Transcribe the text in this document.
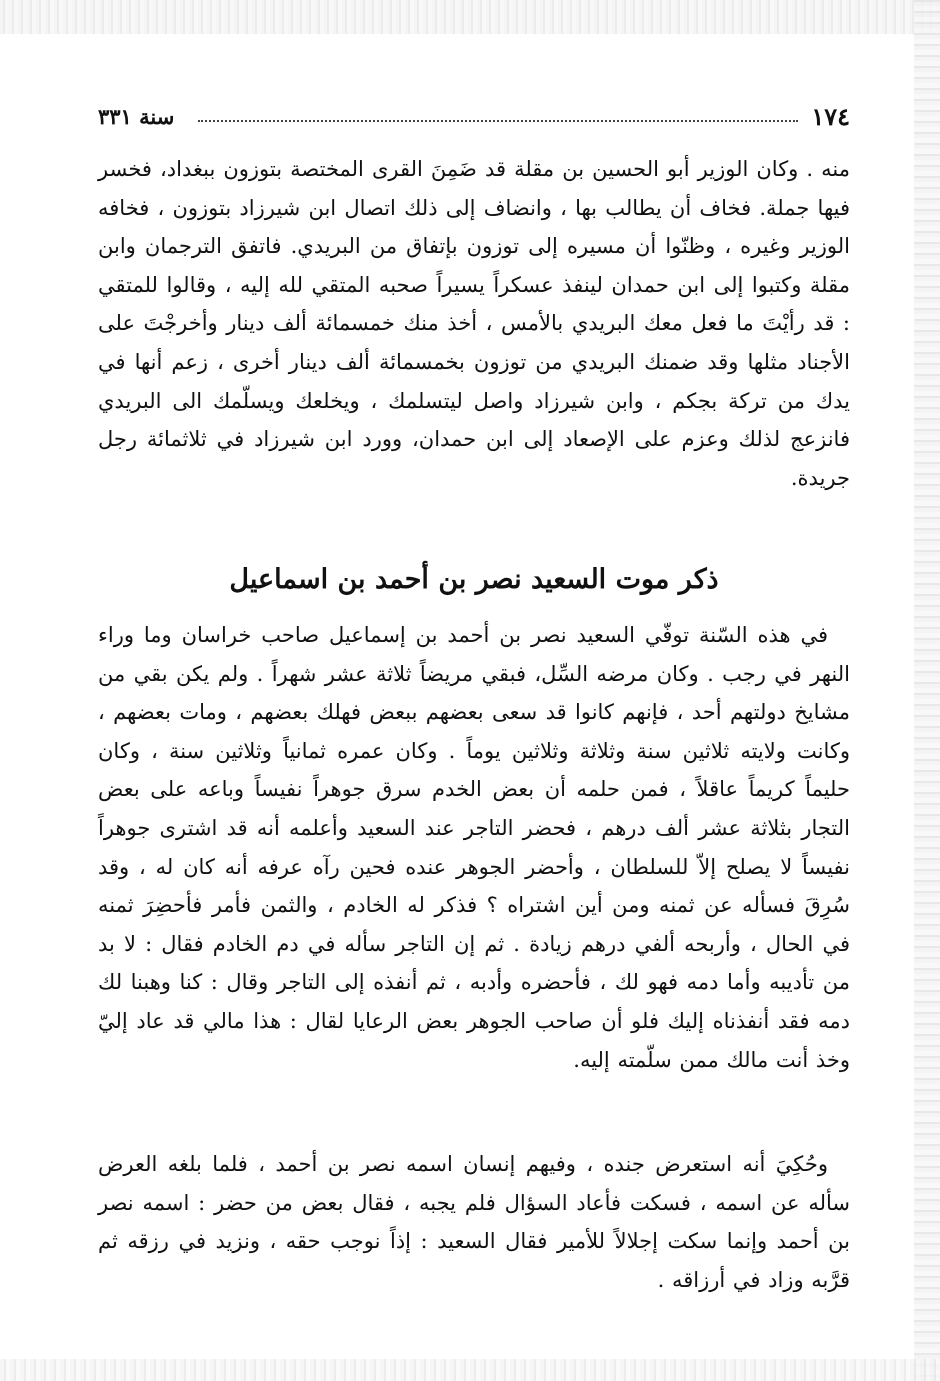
١٧٤
سنة ٣٣١

منه . وكان الوزير أبو الحسين بن مقلة قد ضَمِنَ القرى المختصة بتوزون ببغداد، فخسر فيها جملة. فخاف أن يطالب بها ، وانضاف إلى ذلك اتصال ابن شيرزاد بتوزون ، فخافه الوزير وغيره ، وظنّوا أن مسيره إلى توزون بإتفاق من البريدي. فاتفق الترجمان وابن مقلة وكتبوا إلى ابن حمدان لينفذ عسكراً يسيراً صحبه المتقي لله إليه ، وقالوا للمتقي : قد رأيْتَ ما فعل معك البريدي بالأمس ، أخذ منك خمسمائة ألف دينار وأخرجْتَ على الأجناد مثلها وقد ضمنك البريدي من توزون بخمسمائة ألف دينار أخرى ، زعم أنها في يدك من تركة بجكم ، وابن شيرزاد واصل ليتسلمك ، ويخلعك ويسلّمك الى البريدي فانزعج لذلك وعزم على الإصعاد إلى ابن حمدان، وورد ابن شيرزاد في ثلاثمائة رجل جريدة.

ذكر موت السعيد نصر بن أحمد بن اسماعيل

في هذه السّنة توفّي السعيد نصر بن أحمد بن إسماعيل صاحب خراسان وما وراء النهر في رجب . وكان مرضه السِّل، فبقي مريضاً ثلاثة عشر شهراً . ولم يكن بقي من مشايخ دولتهم أحد ، فإنهم كانوا قد سعى بعضهم ببعض فهلك بعضهم ، ومات بعضهم ، وكانت ولايته ثلاثين سنة وثلاثة وثلاثين يوماً . وكان عمره ثمانياً وثلاثين سنة ، وكان حليماً كريماً عاقلاً ، فمن حلمه أن بعض الخدم سرق جوهراً نفيساً وباعه على بعض التجار بثلاثة عشر ألف درهم ، فحضر التاجر عند السعيد وأعلمه أنه قد اشترى جوهراً نفيساً لا يصلح إلاّ للسلطان ، وأحضر الجوهر عنده فحين رآه عرفه أنه كان له ، وقد سُرِقَ فسأله عن ثمنه ومن أين اشتراه ؟ فذكر له الخادم ، والثمن فأمر فأحضِرَ ثمنه في الحال ، وأربحه ألفي درهم زيادة . ثم إن التاجر سأله في دم الخادم فقال : لا بد من تأديبه وأما دمه فهو لك ، فأحضره وأدبه ، ثم أنفذه إلى التاجر وقال : كنا وهبنا لك دمه فقد أنفذناه إليك فلو أن صاحب الجوهر بعض الرعايا لقال : هذا مالي قد عاد إليّ وخذ أنت مالك ممن سلّمته إليه.

وحُكِيَ أنه استعرض جنده ، وفيهم إنسان اسمه نصر بن أحمد ، فلما بلغه العرض سأله عن اسمه ، فسكت فأعاد السؤال فلم يجبه ، فقال بعض من حضر : اسمه نصر بن أحمد وإنما سكت إجلالاً للأمير فقال السعيد : إذاً نوجب حقه ، ونزيد في رزقه ثم قرَّبه وزاد في أرزاقه .
